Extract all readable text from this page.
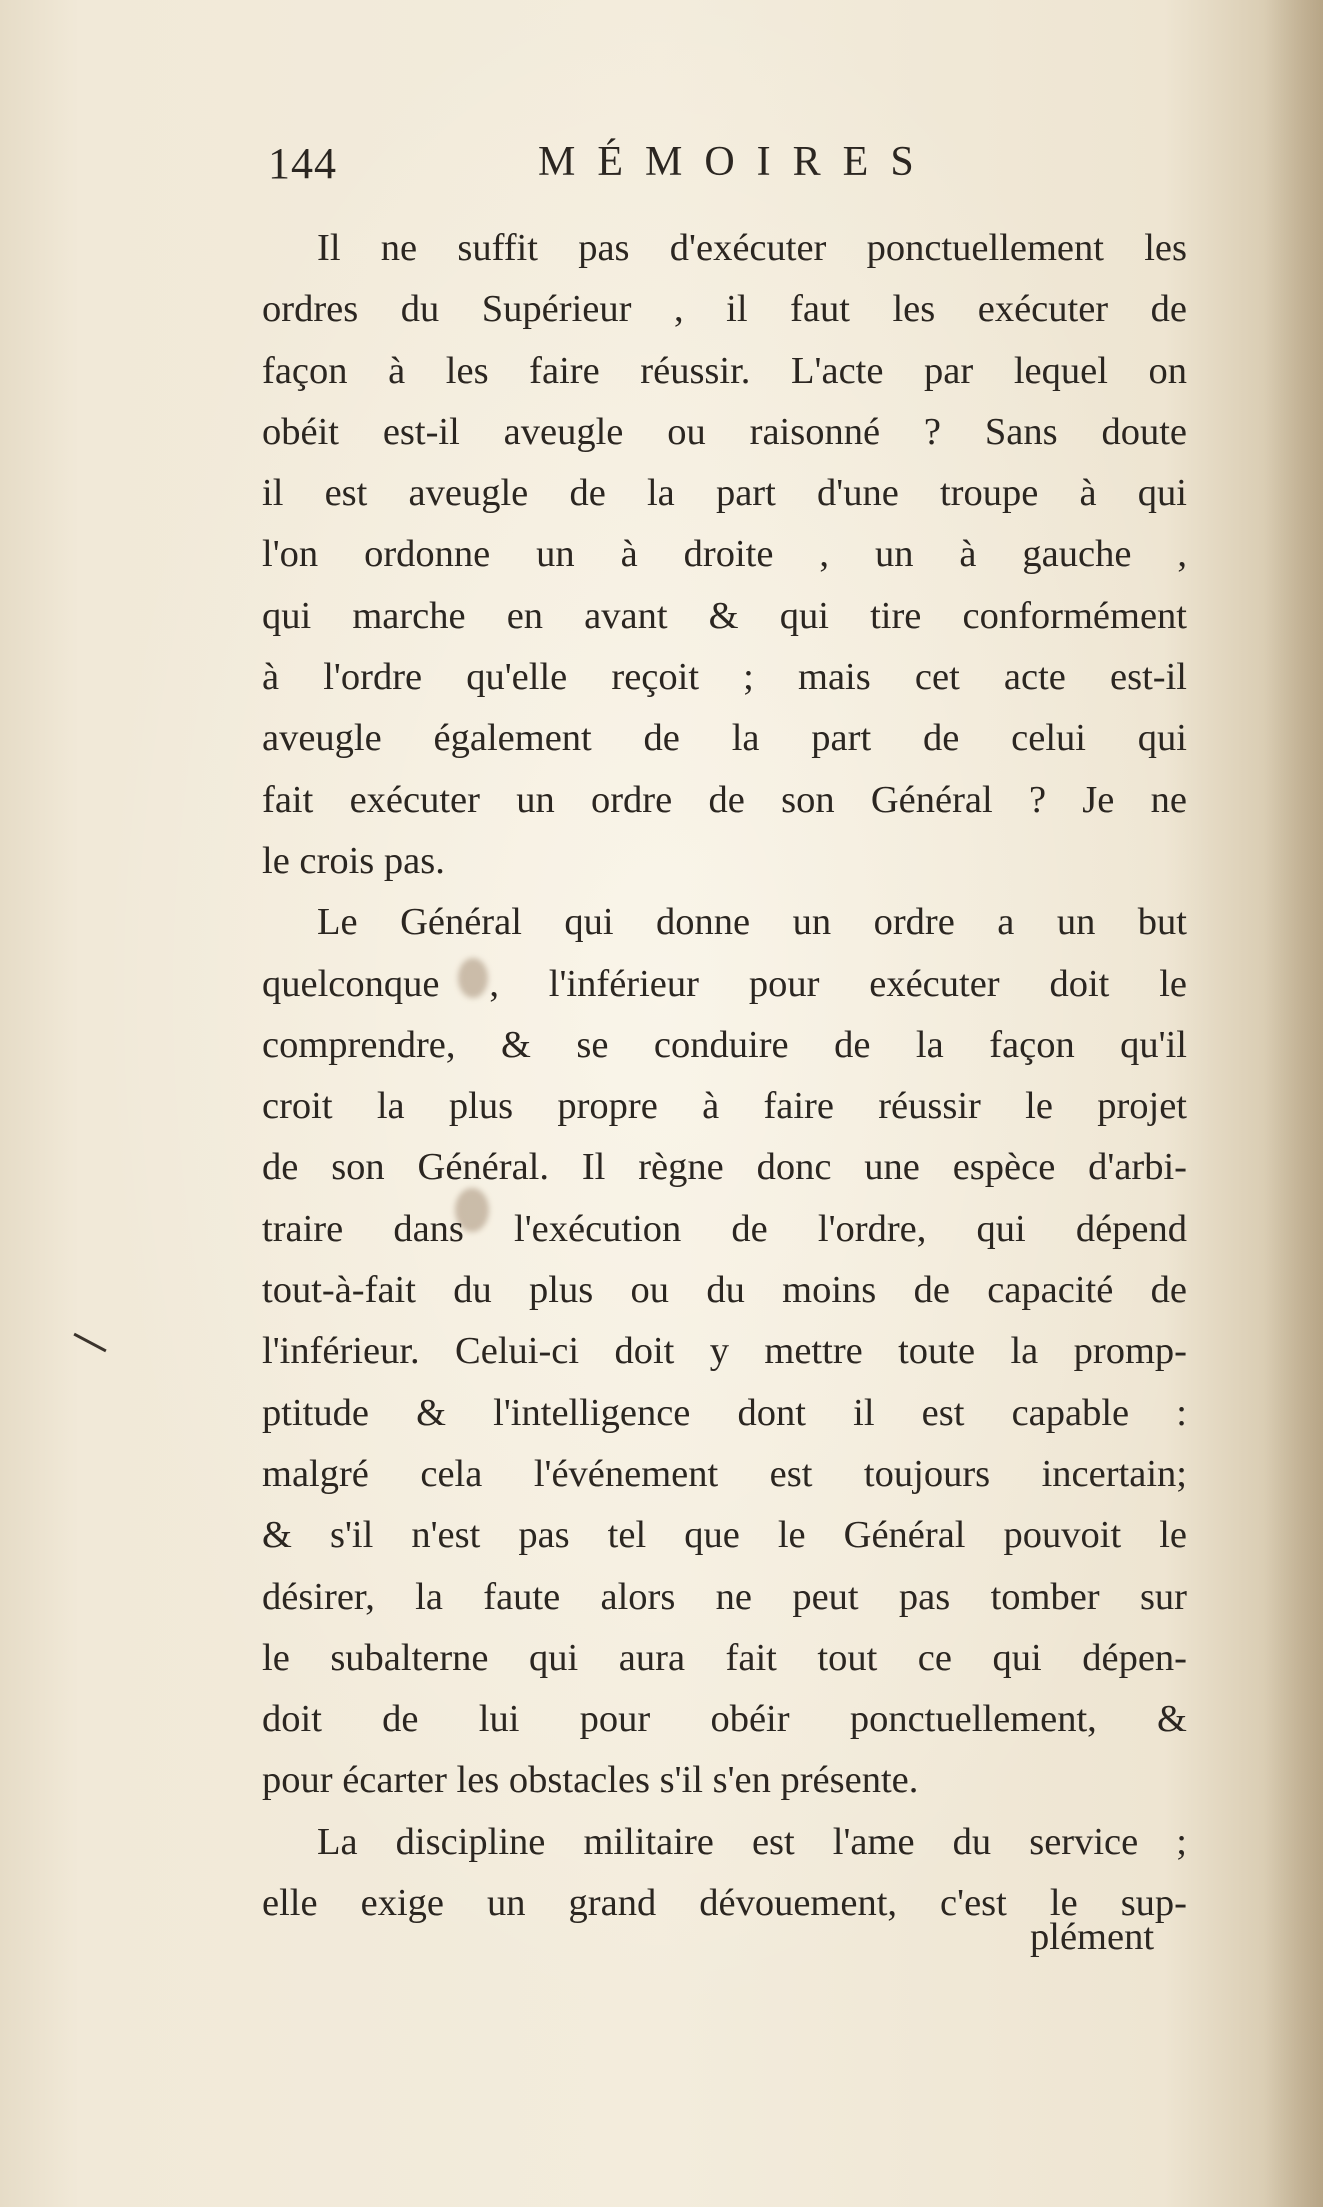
144	MÉMOIRES
Il ne suffit pas d'exécuter ponctuellement les
ordres du Supérieur , il faut les exécuter de
façon à les faire réussir. L'acte par lequel on
obéit est-il aveugle ou raisonné ? Sans doute
il est aveugle de la part d'une troupe à qui
l'on ordonne un à droite , un à gauche ,
qui marche en avant & qui tire conformément
à l'ordre qu'elle reçoit ; mais cet acte est-il
aveugle également de la part de celui qui
fait exécuter un ordre de son Général ? Je ne
le crois pas.
Le Général qui donne un ordre a un but
quelconque , l'inférieur pour exécuter doit le
comprendre, & se conduire de la façon qu'il
croit la plus propre à faire réussir le projet
de son Général. Il règne donc une espèce d'arbi-
traire dans l'exécution de l'ordre, qui dépend
tout-à-fait du plus ou du moins de capacité de
l'inférieur. Celui-ci doit y mettre toute la promp-
ptitude & l'intelligence dont il est capable :
malgré cela l'événement est toujours incertain;
& s'il n'est pas tel que le Général pouvoit le
désirer, la faute alors ne peut pas tomber sur
le subalterne qui aura fait tout ce qui dépen-
doit de lui pour obéir ponctuellement, &
pour écarter les obstacles s'il s'en présente.
La discipline militaire est l'ame du service ;
elle exige un grand dévouement, c'est le sup-
plément
